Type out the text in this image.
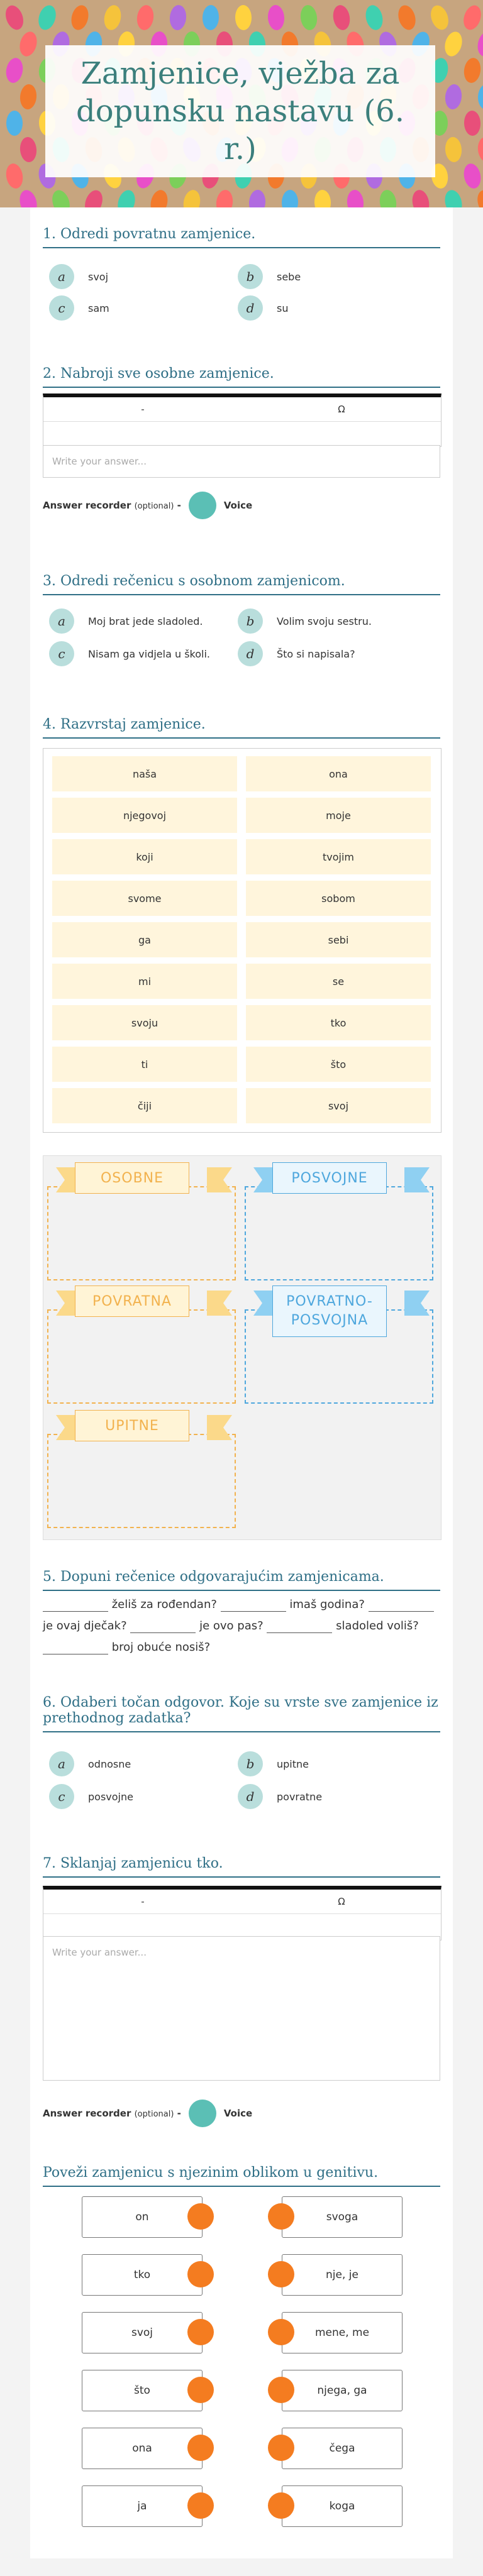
Zamjenice, vježba za dopunsku nastavu (6. r.)
1. Odredi povratnu zamjenice.
a	svoj	b	sebe
c	sam	d	su
2. Nabroji sve osobne zamjenice.
-	Ω
Write your answer...
Answer recorder (optional) -	Voice
3. Odredi rečenicu s osobnom zamjenicom.
a	Moj brat jede sladoled.	b	Volim svoju sestru.
c	Nisam ga vidjela u školi.	d	Što si napisala?
4. Razvrstaj zamjenice.
naša	ona
njegovoj	moje
koji	tvojim
svome	sobom
ga	sebi
mi	se
svoju	tko
ti	što
čiji	svoj
OSOBNE	POSVOJNE
POVRATNA	POVRATNO-POSVOJNA
UPITNE
5. Dopuni rečenice odgovarajućim zamjenicama.
želiš za rođendan?	imaš godina?  je ovaj dječak?	je ovo pas?	sladoled voliš?  broj obuće nosiš?
6. Odaberi točan odgovor. Koje su vrste sve zamjenice iz prethodnog zadatka?
a	odnosne	b	upitne
c	posvojne	d	povratne
7. Sklanjaj zamjenicu tko.
-	Ω
Write your answer...
Answer recorder (optional) -	Voice
Poveži zamjenicu s njezinim oblikom u genitivu.
on	svoga
tko	nje, je
svoj	mene, me
što	njega, ga
ona	čega
ja	koga
